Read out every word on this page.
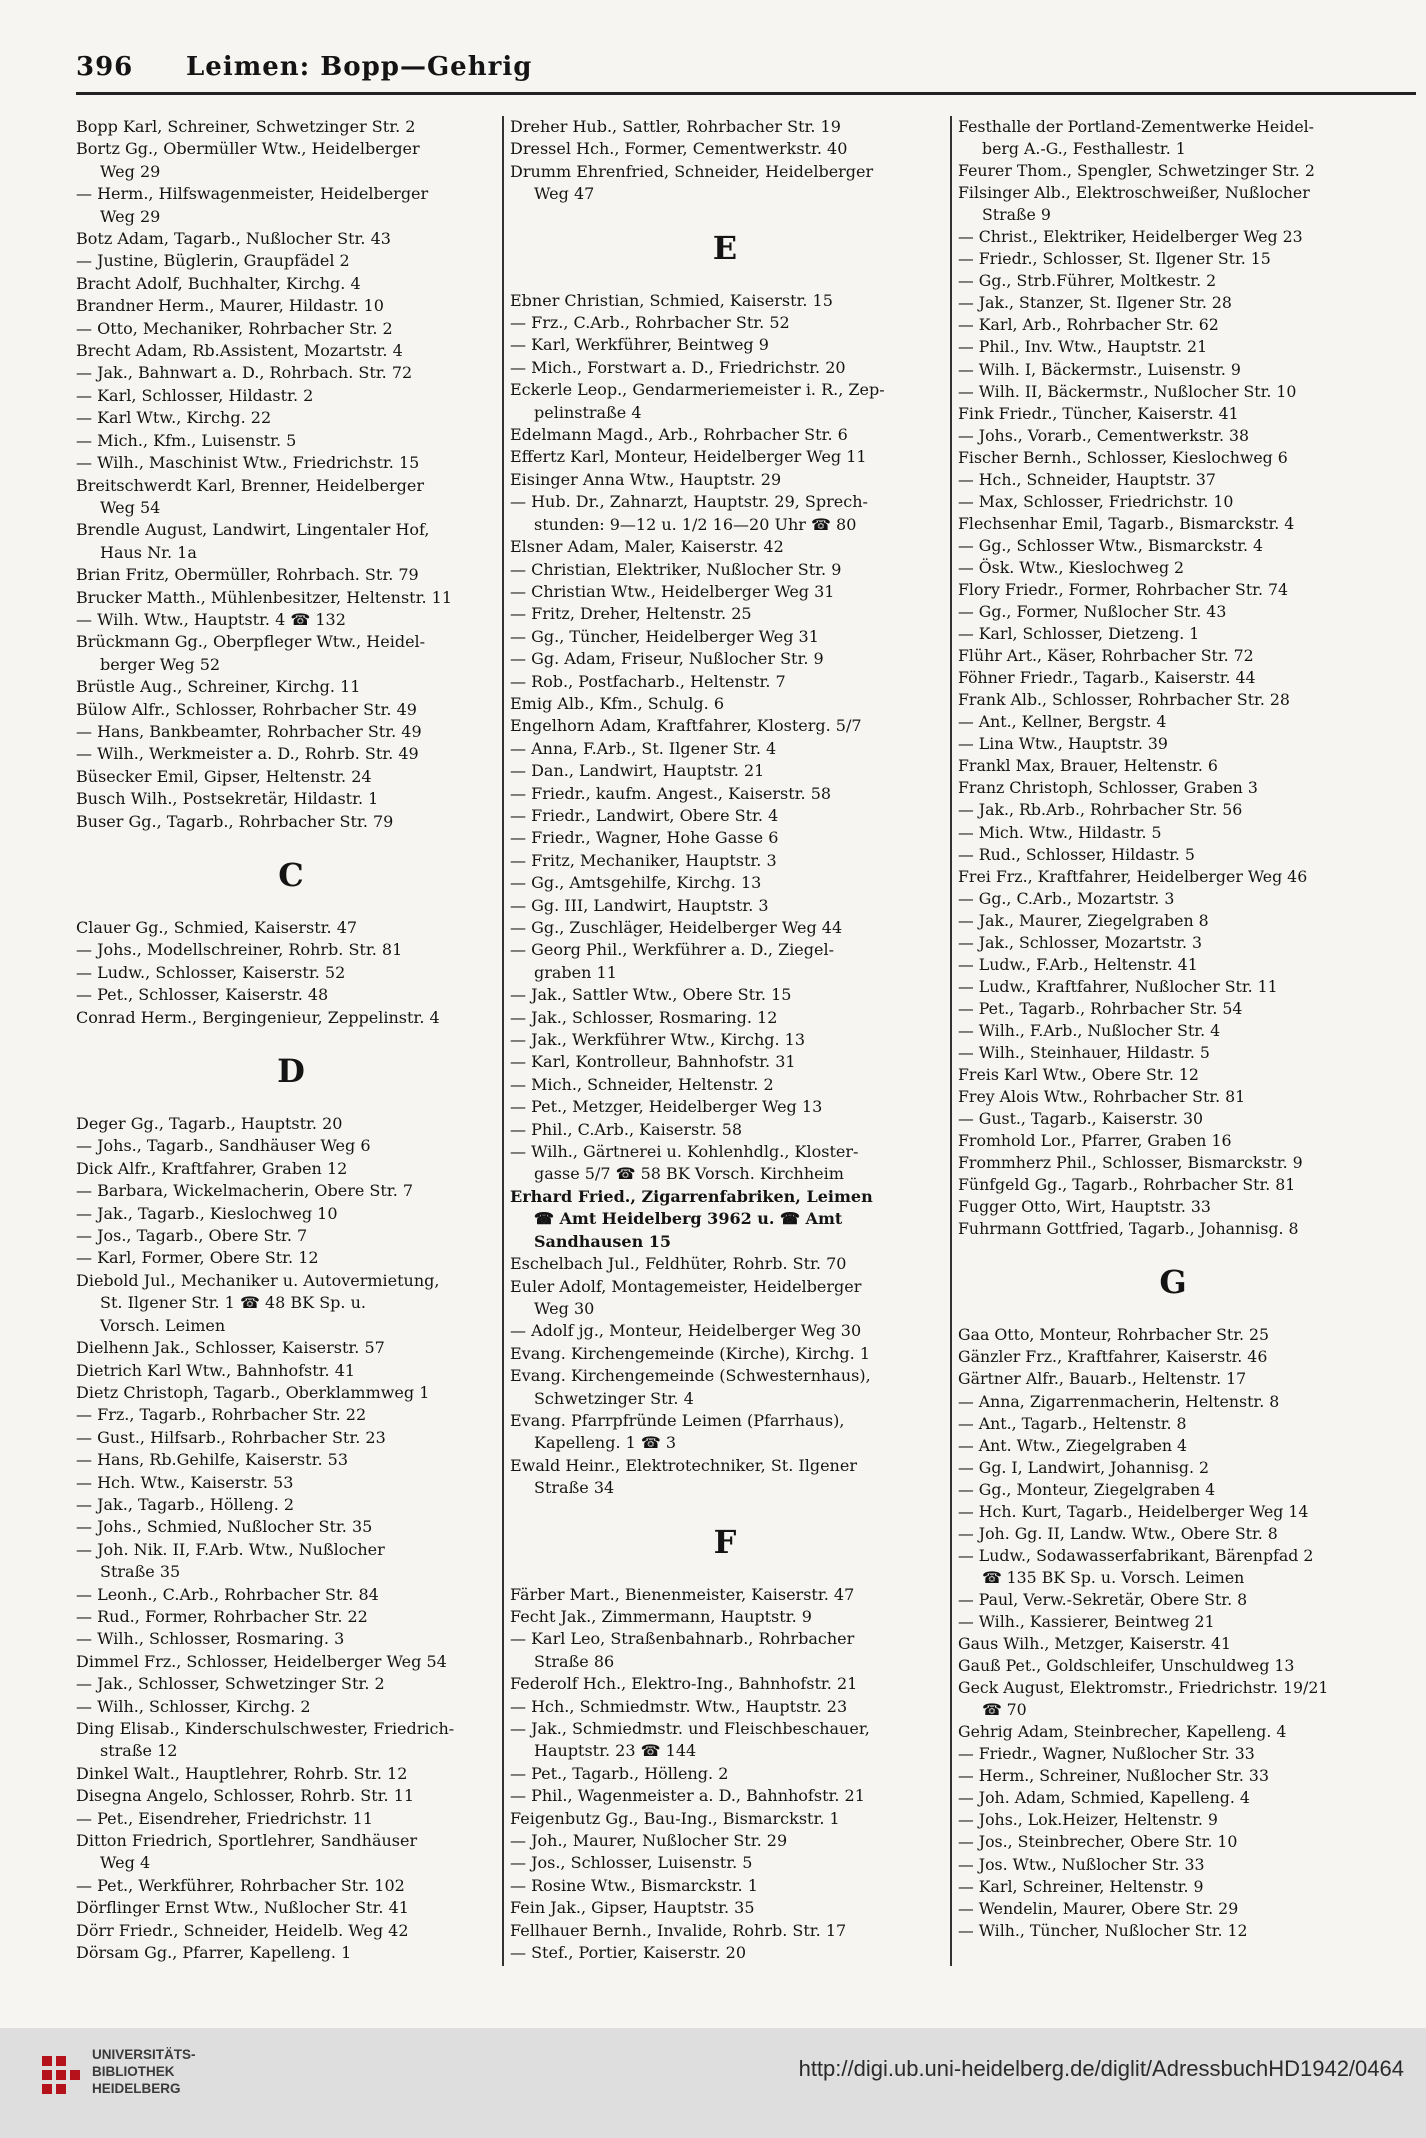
396 Leimen: Bopp—Gehrig
Bopp Karl, Schreiner, Schwetzinger Str. 2
Bortz Gg., Obermüller Wtw., Heidelberger
Weg 29
— Herm., Hilfswagenmeister, Heidelberger
Weg 29
Botz Adam, Tagarb., Nußlocher Str. 43
— Justine, Büglerin, Graupfädel 2
Bracht Adolf, Buchhalter, Kirchg. 4
Brandner Herm., Maurer, Hildastr. 10
— Otto, Mechaniker, Rohrbacher Str. 2
Brecht Adam, Rb.Assistent, Mozartstr. 4
— Jak., Bahnwart a. D., Rohrbach. Str. 72
— Karl, Schlosser, Hildastr. 2
— Karl Wtw., Kirchg. 22
— Mich., Kfm., Luisenstr. 5
— Wilh., Maschinist Wtw., Friedrichstr. 15
Breitschwerdt Karl, Brenner, Heidelberger
Weg 54
Brendle August, Landwirt, Lingentaler Hof,
Haus Nr. 1a
Brian Fritz, Obermüller, Rohrbach. Str. 79
Brucker Matth., Mühlenbesitzer, Heltenstr. 11
— Wilh. Wtw., Hauptstr. 4 ☎ 132
Brückmann Gg., Oberpfleger Wtw., Heidel-
berger Weg 52
Brüstle Aug., Schreiner, Kirchg. 11
Bülow Alfr., Schlosser, Rohrbacher Str. 49
— Hans, Bankbeamter, Rohrbacher Str. 49
— Wilh., Werkmeister a. D., Rohrb. Str. 49
Büsecker Emil, Gipser, Heltenstr. 24
Busch Wilh., Postsekretär, Hildastr. 1
Buser Gg., Tagarb., Rohrbacher Str. 79
C
Clauer Gg., Schmied, Kaiserstr. 47
— Johs., Modellschreiner, Rohrb. Str. 81
— Ludw., Schlosser, Kaiserstr. 52
— Pet., Schlosser, Kaiserstr. 48
Conrad Herm., Bergingenieur, Zeppelinstr. 4
D
Deger Gg., Tagarb., Hauptstr. 20
— Johs., Tagarb., Sandhäuser Weg 6
Dick Alfr., Kraftfahrer, Graben 12
— Barbara, Wickelmacherin, Obere Str. 7
— Jak., Tagarb., Kieslochweg 10
— Jos., Tagarb., Obere Str. 7
— Karl, Former, Obere Str. 12
Diebold Jul., Mechaniker u. Autovermietung,
St. Ilgener Str. 1 ☎ 48 BK Sp. u.
Vorsch. Leimen
Dielhenn Jak., Schlosser, Kaiserstr. 57
Dietrich Karl Wtw., Bahnhofstr. 41
Dietz Christoph, Tagarb., Oberklammweg 1
— Frz., Tagarb., Rohrbacher Str. 22
— Gust., Hilfsarb., Rohrbacher Str. 23
— Hans, Rb.Gehilfe, Kaiserstr. 53
— Hch. Wtw., Kaiserstr. 53
— Jak., Tagarb., Hölleng. 2
— Johs., Schmied, Nußlocher Str. 35
— Joh. Nik. II, F.Arb. Wtw., Nußlocher
Straße 35
— Leonh., C.Arb., Rohrbacher Str. 84
— Rud., Former, Rohrbacher Str. 22
— Wilh., Schlosser, Rosmaring. 3
Dimmel Frz., Schlosser, Heidelberger Weg 54
— Jak., Schlosser, Schwetzinger Str. 2
— Wilh., Schlosser, Kirchg. 2
Ding Elisab., Kinderschulschwester, Friedrich-
straße 12
Dinkel Walt., Hauptlehrer, Rohrb. Str. 12
Disegna Angelo, Schlosser, Rohrb. Str. 11
— Pet., Eisendreher, Friedrichstr. 11
Ditton Friedrich, Sportlehrer, Sandhäuser
Weg 4
— Pet., Werkführer, Rohrbacher Str. 102
Dörflinger Ernst Wtw., Nußlocher Str. 41
Dörr Friedr., Schneider, Heidelb. Weg 42
Dörsam Gg., Pfarrer, Kapelleng. 1
Dreher Hub., Sattler, Rohrbacher Str. 19
Dressel Hch., Former, Cementwerkstr. 40
Drumm Ehrenfried, Schneider, Heidelberger
Weg 47
E
Ebner Christian, Schmied, Kaiserstr. 15
— Frz., C.Arb., Rohrbacher Str. 52
— Karl, Werkführer, Beintweg 9
— Mich., Forstwart a. D., Friedrichstr. 20
Eckerle Leop., Gendarmeriemeister i. R., Zep-
pelinstraße 4
Edelmann Magd., Arb., Rohrbacher Str. 6
Effertz Karl, Monteur, Heidelberger Weg 11
Eisinger Anna Wtw., Hauptstr. 29
— Hub. Dr., Zahnarzt, Hauptstr. 29, Sprech-
stunden: 9—12 u. 1/2 16—20 Uhr ☎ 80
Elsner Adam, Maler, Kaiserstr. 42
— Christian, Elektriker, Nußlocher Str. 9
— Christian Wtw., Heidelberger Weg 31
— Fritz, Dreher, Heltenstr. 25
— Gg., Tüncher, Heidelberger Weg 31
— Gg. Adam, Friseur, Nußlocher Str. 9
— Rob., Postfacharb., Heltenstr. 7
Emig Alb., Kfm., Schulg. 6
Engelhorn Adam, Kraftfahrer, Klosterg. 5/7
— Anna, F.Arb., St. Ilgener Str. 4
— Dan., Landwirt, Hauptstr. 21
— Friedr., kaufm. Angest., Kaiserstr. 58
— Friedr., Landwirt, Obere Str. 4
— Friedr., Wagner, Hohe Gasse 6
— Fritz, Mechaniker, Hauptstr. 3
— Gg., Amtsgehilfe, Kirchg. 13
— Gg. III, Landwirt, Hauptstr. 3
— Gg., Zuschläger, Heidelberger Weg 44
— Georg Phil., Werkführer a. D., Ziegel-
graben 11
— Jak., Sattler Wtw., Obere Str. 15
— Jak., Schlosser, Rosmaring. 12
— Jak., Werkführer Wtw., Kirchg. 13
— Karl, Kontrolleur, Bahnhofstr. 31
— Mich., Schneider, Heltenstr. 2
— Pet., Metzger, Heidelberger Weg 13
— Phil., C.Arb., Kaiserstr. 58
— Wilh., Gärtnerei u. Kohlenhdlg., Kloster-
gasse 5/7 ☎ 58 BK Vorsch. Kirchheim
Erhard Fried., Zigarrenfabriken, Leimen
☎ Amt Heidelberg 3962 u. ☎ Amt
Sandhausen 15
Eschelbach Jul., Feldhüter, Rohrb. Str. 70
Euler Adolf, Montagemeister, Heidelberger
Weg 30
— Adolf jg., Monteur, Heidelberger Weg 30
Evang. Kirchengemeinde (Kirche), Kirchg. 1
Evang. Kirchengemeinde (Schwesternhaus),
Schwetzinger Str. 4
Evang. Pfarrpfründe Leimen (Pfarrhaus),
Kapelleng. 1 ☎ 3
Ewald Heinr., Elektrotechniker, St. Ilgener
Straße 34
F
Färber Mart., Bienenmeister, Kaiserstr. 47
Fecht Jak., Zimmermann, Hauptstr. 9
— Karl Leo, Straßenbahnarb., Rohrbacher
Straße 86
Federolf Hch., Elektro-Ing., Bahnhofstr. 21
— Hch., Schmiedmstr. Wtw., Hauptstr. 23
— Jak., Schmiedmstr. und Fleischbeschauer,
Hauptstr. 23 ☎ 144
— Pet., Tagarb., Hölleng. 2
— Phil., Wagenmeister a. D., Bahnhofstr. 21
Feigenbutz Gg., Bau-Ing., Bismarckstr. 1
— Joh., Maurer, Nußlocher Str. 29
— Jos., Schlosser, Luisenstr. 5
— Rosine Wtw., Bismarckstr. 1
Fein Jak., Gipser, Hauptstr. 35
Fellhauer Bernh., Invalide, Rohrb. Str. 17
— Stef., Portier, Kaiserstr. 20
Festhalle der Portland-Zementwerke Heidel-
berg A.-G., Festhallestr. 1
Feurer Thom., Spengler, Schwetzinger Str. 2
Filsinger Alb., Elektroschweißer, Nußlocher
Straße 9
— Christ., Elektriker, Heidelberger Weg 23
— Friedr., Schlosser, St. Ilgener Str. 15
— Gg., Strb.Führer, Moltkestr. 2
— Jak., Stanzer, St. Ilgener Str. 28
— Karl, Arb., Rohrbacher Str. 62
— Phil., Inv. Wtw., Hauptstr. 21
— Wilh. I, Bäckermstr., Luisenstr. 9
— Wilh. II, Bäckermstr., Nußlocher Str. 10
Fink Friedr., Tüncher, Kaiserstr. 41
— Johs., Vorarb., Cementwerkstr. 38
Fischer Bernh., Schlosser, Kieslochweg 6
— Hch., Schneider, Hauptstr. 37
— Max, Schlosser, Friedrichstr. 10
Flechsenhar Emil, Tagarb., Bismarckstr. 4
— Gg., Schlosser Wtw., Bismarckstr. 4
— Ösk. Wtw., Kieslochweg 2
Flory Friedr., Former, Rohrbacher Str. 74
— Gg., Former, Nußlocher Str. 43
— Karl, Schlosser, Dietzeng. 1
Flühr Art., Käser, Rohrbacher Str. 72
Föhner Friedr., Tagarb., Kaiserstr. 44
Frank Alb., Schlosser, Rohrbacher Str. 28
— Ant., Kellner, Bergstr. 4
— Lina Wtw., Hauptstr. 39
Frankl Max, Brauer, Heltenstr. 6
Franz Christoph, Schlosser, Graben 3
— Jak., Rb.Arb., Rohrbacher Str. 56
— Mich. Wtw., Hildastr. 5
— Rud., Schlosser, Hildastr. 5
Frei Frz., Kraftfahrer, Heidelberger Weg 46
— Gg., C.Arb., Mozartstr. 3
— Jak., Maurer, Ziegelgraben 8
— Jak., Schlosser, Mozartstr. 3
— Ludw., F.Arb., Heltenstr. 41
— Ludw., Kraftfahrer, Nußlocher Str. 11
— Pet., Tagarb., Rohrbacher Str. 54
— Wilh., F.Arb., Nußlocher Str. 4
— Wilh., Steinhauer, Hildastr. 5
Freis Karl Wtw., Obere Str. 12
Frey Alois Wtw., Rohrbacher Str. 81
— Gust., Tagarb., Kaiserstr. 30
Fromhold Lor., Pfarrer, Graben 16
Frommherz Phil., Schlosser, Bismarckstr. 9
Fünfgeld Gg., Tagarb., Rohrbacher Str. 81
Fugger Otto, Wirt, Hauptstr. 33
Fuhrmann Gottfried, Tagarb., Johannisg. 8
G
Gaa Otto, Monteur, Rohrbacher Str. 25
Gänzler Frz., Kraftfahrer, Kaiserstr. 46
Gärtner Alfr., Bauarb., Heltenstr. 17
— Anna, Zigarrenmacherin, Heltenstr. 8
— Ant., Tagarb., Heltenstr. 8
— Ant. Wtw., Ziegelgraben 4
— Gg. I, Landwirt, Johannisg. 2
— Gg., Monteur, Ziegelgraben 4
— Hch. Kurt, Tagarb., Heidelberger Weg 14
— Joh. Gg. II, Landw. Wtw., Obere Str. 8
— Ludw., Sodawasserfabrikant, Bärenpfad 2
☎ 135 BK Sp. u. Vorsch. Leimen
— Paul, Verw.-Sekretär, Obere Str. 8
— Wilh., Kassierer, Beintweg 21
Gaus Wilh., Metzger, Kaiserstr. 41
Gauß Pet., Goldschleifer, Unschuldweg 13
Geck August, Elektromstr., Friedrichstr. 19/21
☎ 70
Gehrig Adam, Steinbrecher, Kapelleng. 4
— Friedr., Wagner, Nußlocher Str. 33
— Herm., Schreiner, Nußlocher Str. 33
— Joh. Adam, Schmied, Kapelleng. 4
— Johs., Lok.Heizer, Heltenstr. 9
— Jos., Steinbrecher, Obere Str. 10
— Jos. Wtw., Nußlocher Str. 33
— Karl, Schreiner, Heltenstr. 9
— Wendelin, Maurer, Obere Str. 29
— Wilh., Tüncher, Nußlocher Str. 12
UNIVERSITÄTS-
BIBLIOTHEK
HEIDELBERG
http://digi.ub.uni-heidelberg.de/diglit/AdressbuchHD1942/0464
